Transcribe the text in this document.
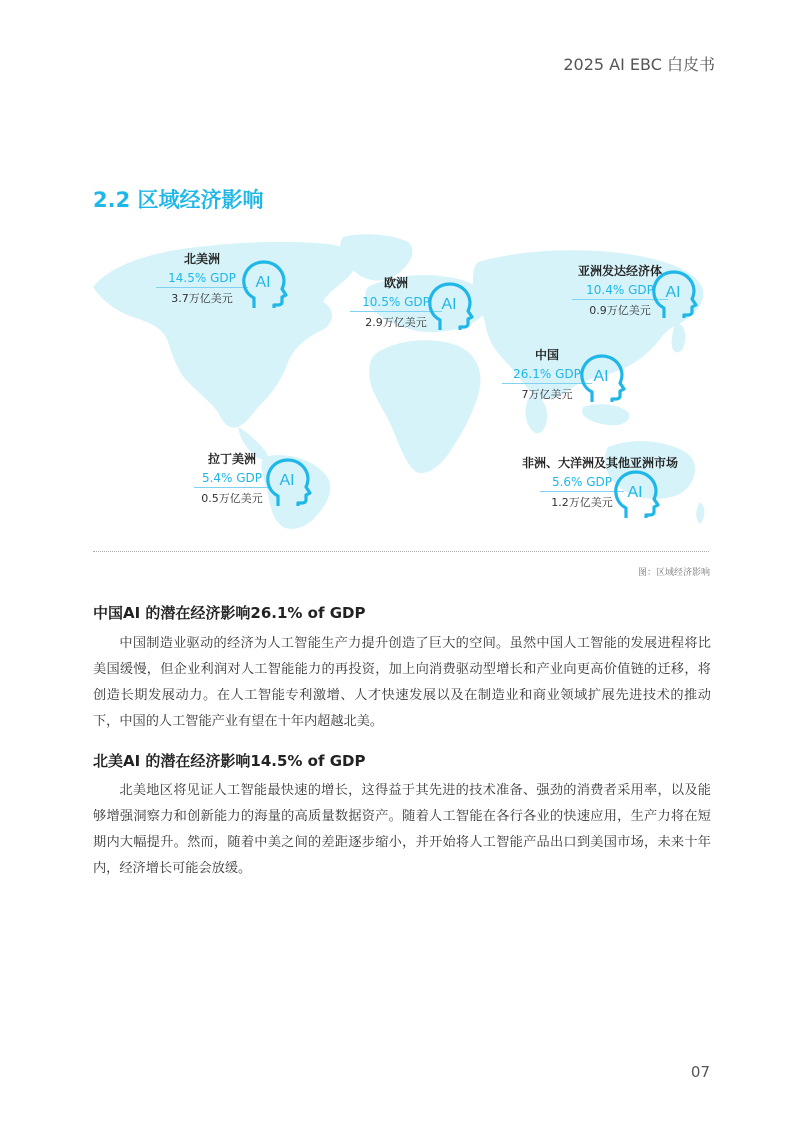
2025 AI EBC 白皮书
2.2 区域经济影响
北美洲
14.5% GDP
3.7万亿美元
AI	欧洲
10.5% GDP
2.9万亿美元
AI
亚洲发达经济体
10.4% GDP
0.9万亿美元
AI
中国
26.1% GDP
7万亿美元
AI
拉丁美洲
5.4% GDP
0.5万亿美元
AI
非洲、大洋洲及其他亚洲市场
5.6% GDP
1.2万亿美元
AI
图：区域经济影响
中国AI 的潜在经济影响26.1% of GDP

中国制造业驱动的经济为人工智能生产力提升创造了巨大的空间。虽然中国人工智能的发展进程将比美国缓慢，但企业利润对人工智能能力的再投资，加上向消费驱动型增长和产业向更高价值链的迁移，将创造长期发展动力。在人工智能专利激增、人才快速发展以及在制造业和商业领域扩展先进技术的推动下，中国的人工智能产业有望在十年内超越北美。

北美AI 的潜在经济影响14.5% of GDP

北美地区将见证人工智能最快速的增长，这得益于其先进的技术准备、强劲的消费者采用率，以及能够增强洞察力和创新能力的海量的高质量数据资产。随着人工智能在各行各业的快速应用，生产力将在短期内大幅提升。然而，随着中美之间的差距逐步缩小，并开始将人工智能产品出口到美国市场，未来十年内，经济增长可能会放缓。

07
